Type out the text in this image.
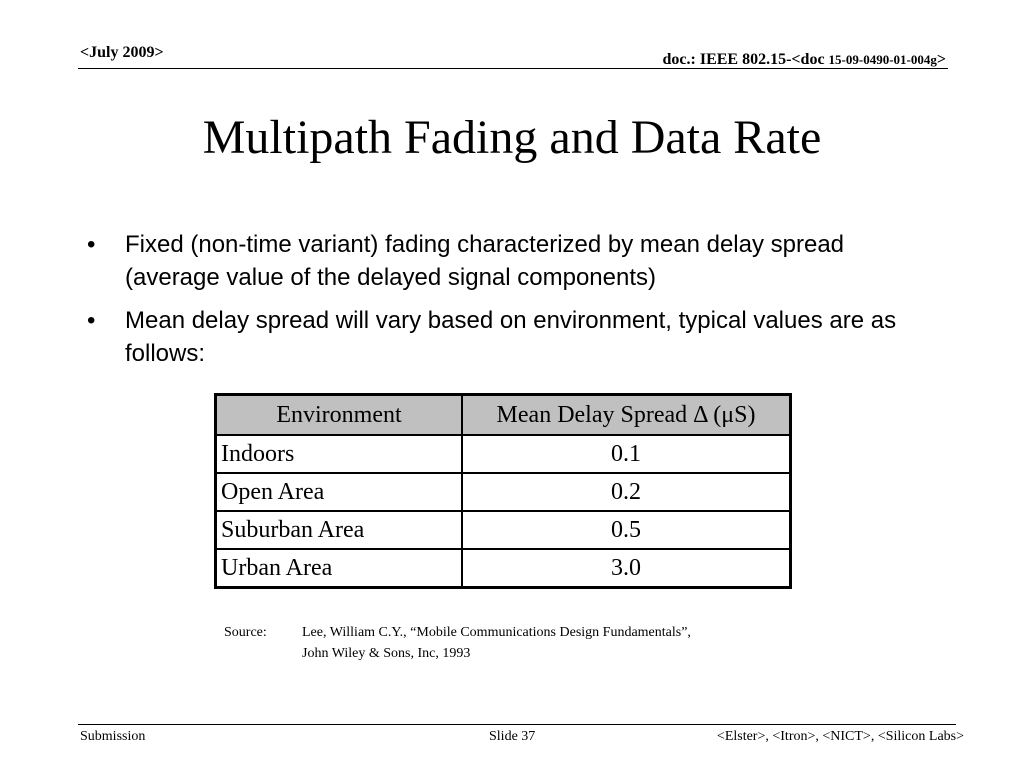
<July 2009>	doc.: IEEE 802.15-<doc 15-09-0490-01-004g>
Multipath Fading and Data Rate
• Fixed (non-time variant) fading characterized by mean delay spread (average value of the delayed signal components)
• Mean delay spread will vary based on environment, typical values are as follows:
Environment	Mean Delay Spread Δ (μS)
Indoors	0.1
Open Area	0.2
Suburban Area	0.5
Urban Area	3.0
Source:	Lee, William C.Y., “Mobile Communications Design Fundamentals”,
John Wiley & Sons, Inc, 1993
Submission	Slide 37	<Elster>, <Itron>, <NICT>, <Silicon Labs>
